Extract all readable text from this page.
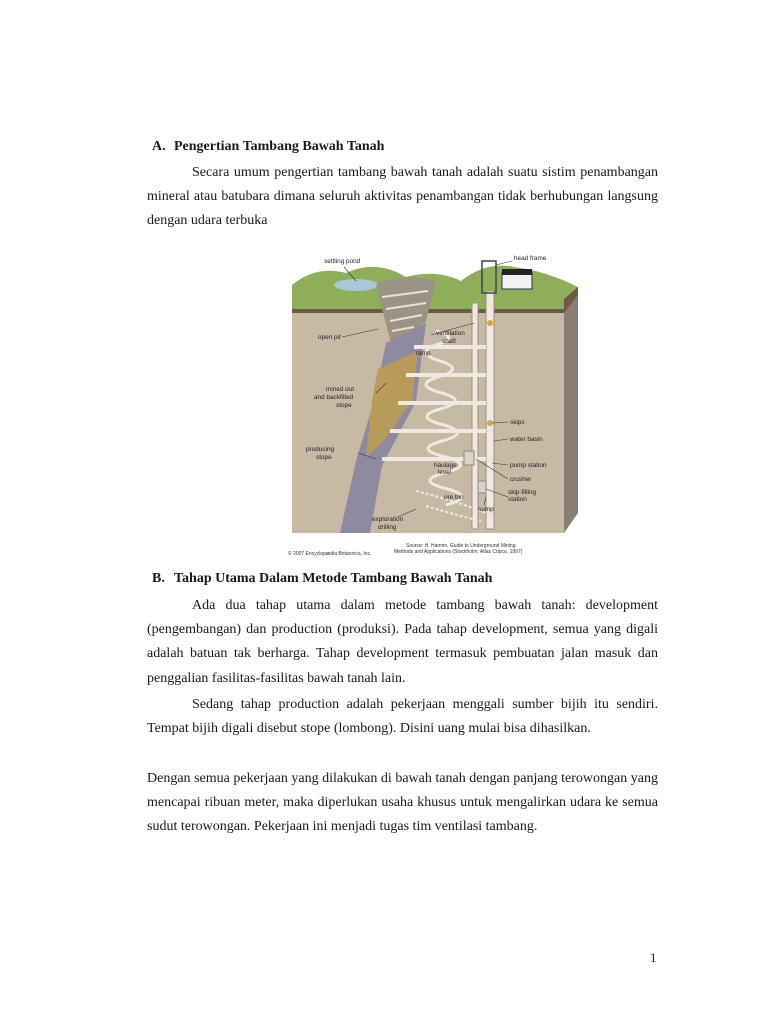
A. Pengertian Tambang Bawah Tanah

Secara umum pengertian tambang bawah tanah adalah suatu sistim penambangan mineral atau batubara dimana seluruh aktivitas penambangan tidak berhubungan langsung dengan udara terbuka

settling pond	head frame
open pit
ventilation
shaft
ramp
mined out
and backfilled
stope
skips
water basin
producing
stope
pump station
haulage
level
crusher
ore bin
skip-filling
station
sump
exploration
drilling
© 2007 Encyclopædia Britannica, Inc.
Source: H. Hamrin, Guide to Underground Mining
Methods and Applications (Stockholm: Atlas Copco, 1997)
B. Tahap Utama Dalam Metode Tambang Bawah Tanah

Ada dua tahap utama dalam metode tambang bawah tanah: development (pengembangan) dan production (produksi). Pada tahap development, semua yang digali adalah batuan tak berharga. Tahap development termasuk pembuatan jalan masuk dan penggalian fasilitas-fasilitas bawah tanah lain.

Sedang tahap production adalah pekerjaan menggali sumber bijih itu sendiri. Tempat bijih digali disebut stope (lombong). Disini uang mulai bisa dihasilkan.

Dengan semua pekerjaan yang dilakukan di bawah tanah dengan panjang terowongan yang mencapai ribuan meter, maka diperlukan usaha khusus untuk mengalirkan udara ke semua sudut terowongan. Pekerjaan ini menjadi tugas tim ventilasi tambang.

1
